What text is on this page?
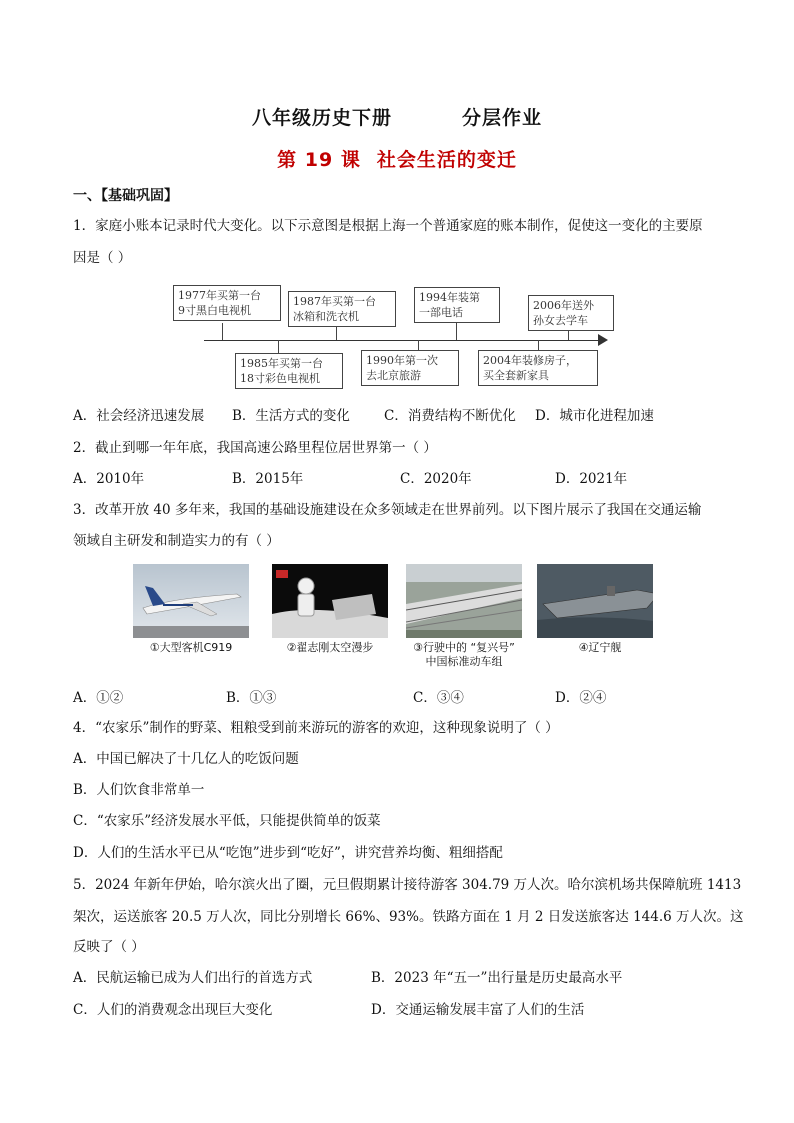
八年级历史下册	分层作业
第 19 课 社会生活的变迁
一、【基础巩固】
1．家庭小账本记录时代大变化。以下示意图是根据上海一个普通家庭的账本制作，促使这一变化的主要原
因是（ ）
1977年买第一台
9寸黑白电视机
1987年买第一台
冰箱和洗衣机
1994年装第
一部电话
2006年送外
孙女去学车
1985年买第一台
18寸彩色电视机
1990年第一次
去北京旅游
2004年装修房子，
买全套新家具
A．社会经济迅速发展 B．生活方式的变化	C．消费结构不断优化 D．城市化进程加速
2．截止到哪一年年底，我国高速公路里程位居世界第一（ ）
A．2010年	B．2015年	C．2020年	D．2021年
3．改革开放 40 多年来，我国的基础设施建设在众多领域走在世界前列。以下图片展示了我国在交通运输
领域自主研发和制造实力的有（ ）
①大型客机C919	②翟志刚太空漫步	③行驶中的 “复兴号”
中国标准动车组
④辽宁舰
A．①②	B．①③	C．③④	D．②④
4．“农家乐”制作的野菜、粗粮受到前来游玩的游客的欢迎，这种现象说明了（ ）
A．中国已解决了十几亿人的吃饭问题
B．人们饮食非常单一
C．“农家乐”经济发展水平低，只能提供简单的饭菜
D．人们的生活水平已从“吃饱”进步到“吃好”，讲究营养均衡、粗细搭配
5．2024 年新年伊始，哈尔滨火出了圈，元旦假期累计接待游客 304.79 万人次。哈尔滨机场共保障航班 1413
架次，运送旅客 20.5 万人次，同比分别增长 66%、93%。铁路方面在 1 月 2 日发送旅客达 144.6 万人次。这
反映了（ ）
A．民航运输已成为人们出行的首选方式	B．2023 年“五一”出行量是历史最高水平
C．人们的消费观念出现巨大变化	D．交通运输发展丰富了人们的生活
